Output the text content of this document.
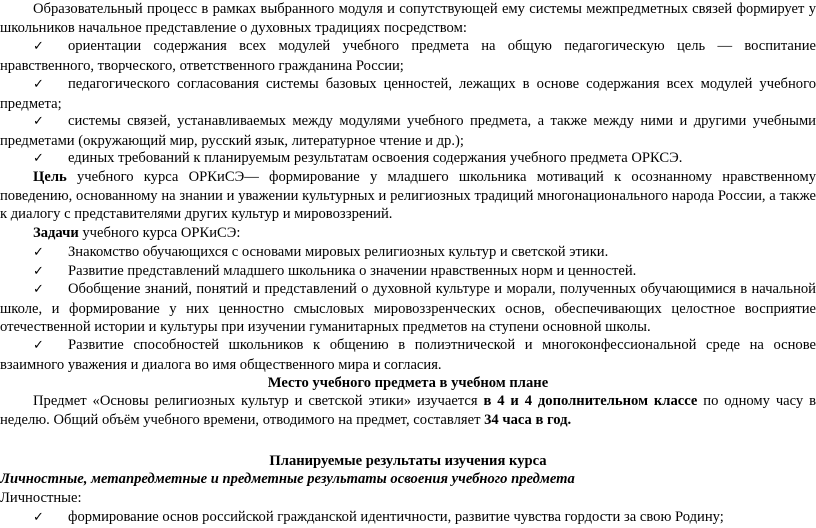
Образовательный процесс в рамках выбранного модуля и сопутствующей ему системы межпредметных связей формирует у школьников начальное представление о духовных традициях посредством:

✓ ориентации содержания всех модулей учебного предмета на общую педагогическую цель — воспитание нравственного, творческого, ответственного гражданина России;

✓ педагогического согласования системы базовых ценностей, лежащих в основе содержания всех модулей учебного предмета;

✓ системы связей, устанавливаемых между модулями учебного предмета, а также между ними и другими учебными предметами (окружающий мир, русский язык, литературное чтение и др.);

✓ единых требований к планируемым результатам освоения содержания учебного предмета ОРКСЭ.

Цель учебного курса ОРКиСЭ— формирование у младшего школьника мотиваций к осознанному нравственному поведению, основанному на знании и уважении культурных и религиозных традиций многонационального народа России, а также к диалогу с представителями других культур и мировоззрений.

Задачи учебного курса ОРКиСЭ:

✓ Знакомство обучающихся с основами мировых религиозных культур и светской этики.

✓ Развитие представлений младшего школьника о значении нравственных норм и ценностей.

✓ Обобщение знаний, понятий и представлений о духовной культуре и морали, полученных обучающимися в начальной школе, и формирование у них ценностно смысловых мировоззренческих основ, обеспечивающих целостное восприятие отечественной истории и культуры при изучении гуманитарных предметов на ступени основной школы.

✓ Развитие способностей школьников к общению в полиэтнической и многоконфессиональной среде на основе взаимного уважения и диалога во имя общественного мира и согласия.

Место учебного предмета в учебном плане

Предмет «Основы религиозных культур и светской этики» изучается в 4 и 4 дополнительном классе по одному часу в неделю. Общий объём учебного времени, отводимого на предмет, составляет 34 часа в год.

Планируемые результаты изучения курса

Личностные, метапредметные и предметные результаты освоения учебного предмета

Личностные:

✓ формирование основ российской гражданской идентичности, развитие чувства гордости за свою Родину;
